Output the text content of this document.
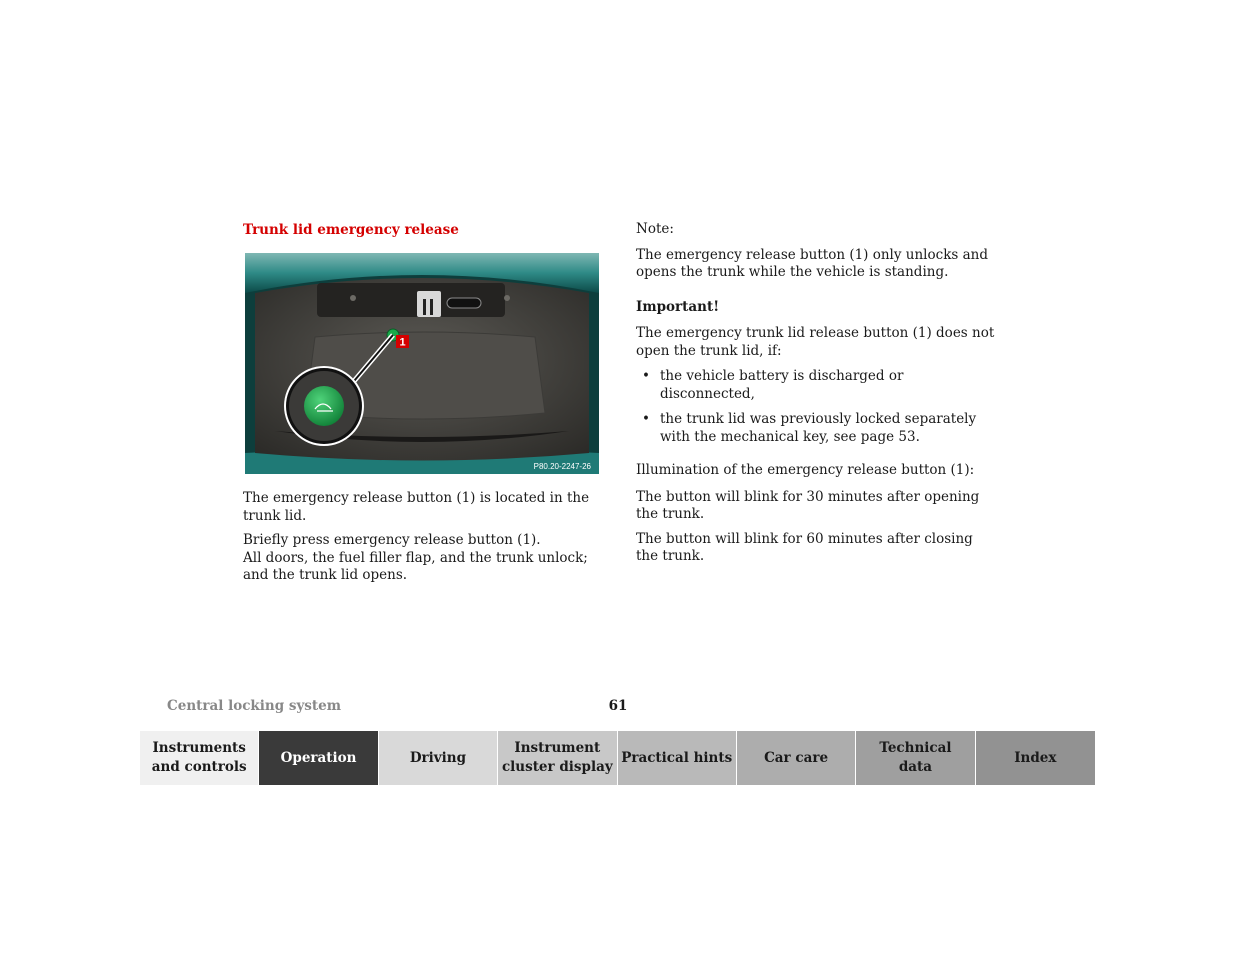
Trunk lid emergency release
1
P80.20-2247-26

The emergency release button (1) is located in the trunk lid.

Briefly press emergency release button (1).

All doors, the fuel filler flap, and the trunk unlock; and the trunk lid opens.

Note:

The emergency release button (1) only unlocks and opens the trunk while the vehicle is standing.

Important!

The emergency trunk lid release button (1) does not open the trunk lid, if:

• the vehicle battery is discharged or disconnected,
• the trunk lid was previously locked separately with the mechanical key, see page 53.

Illumination of the emergency release button (1):

The button will blink for 30 minutes after opening the trunk.

The button will blink for 60 minutes after closing the trunk.

Central locking system	61
Instruments
and controls
Operation	Driving
Instrument
cluster display
Practical hints Car care
Technical
data
Index
